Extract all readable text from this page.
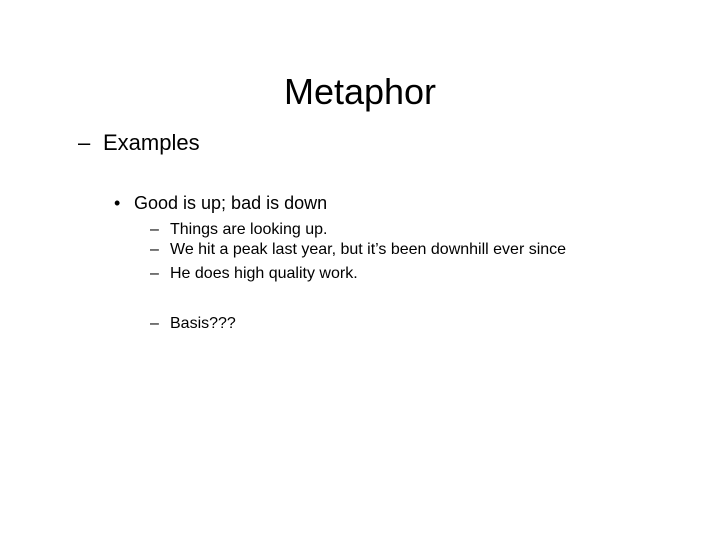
Metaphor
– Examples
• Good is up; bad is down
– Things are looking up.
– We hit a peak last year, but it’s been downhill ever since
– He does high quality work.
– Basis???
